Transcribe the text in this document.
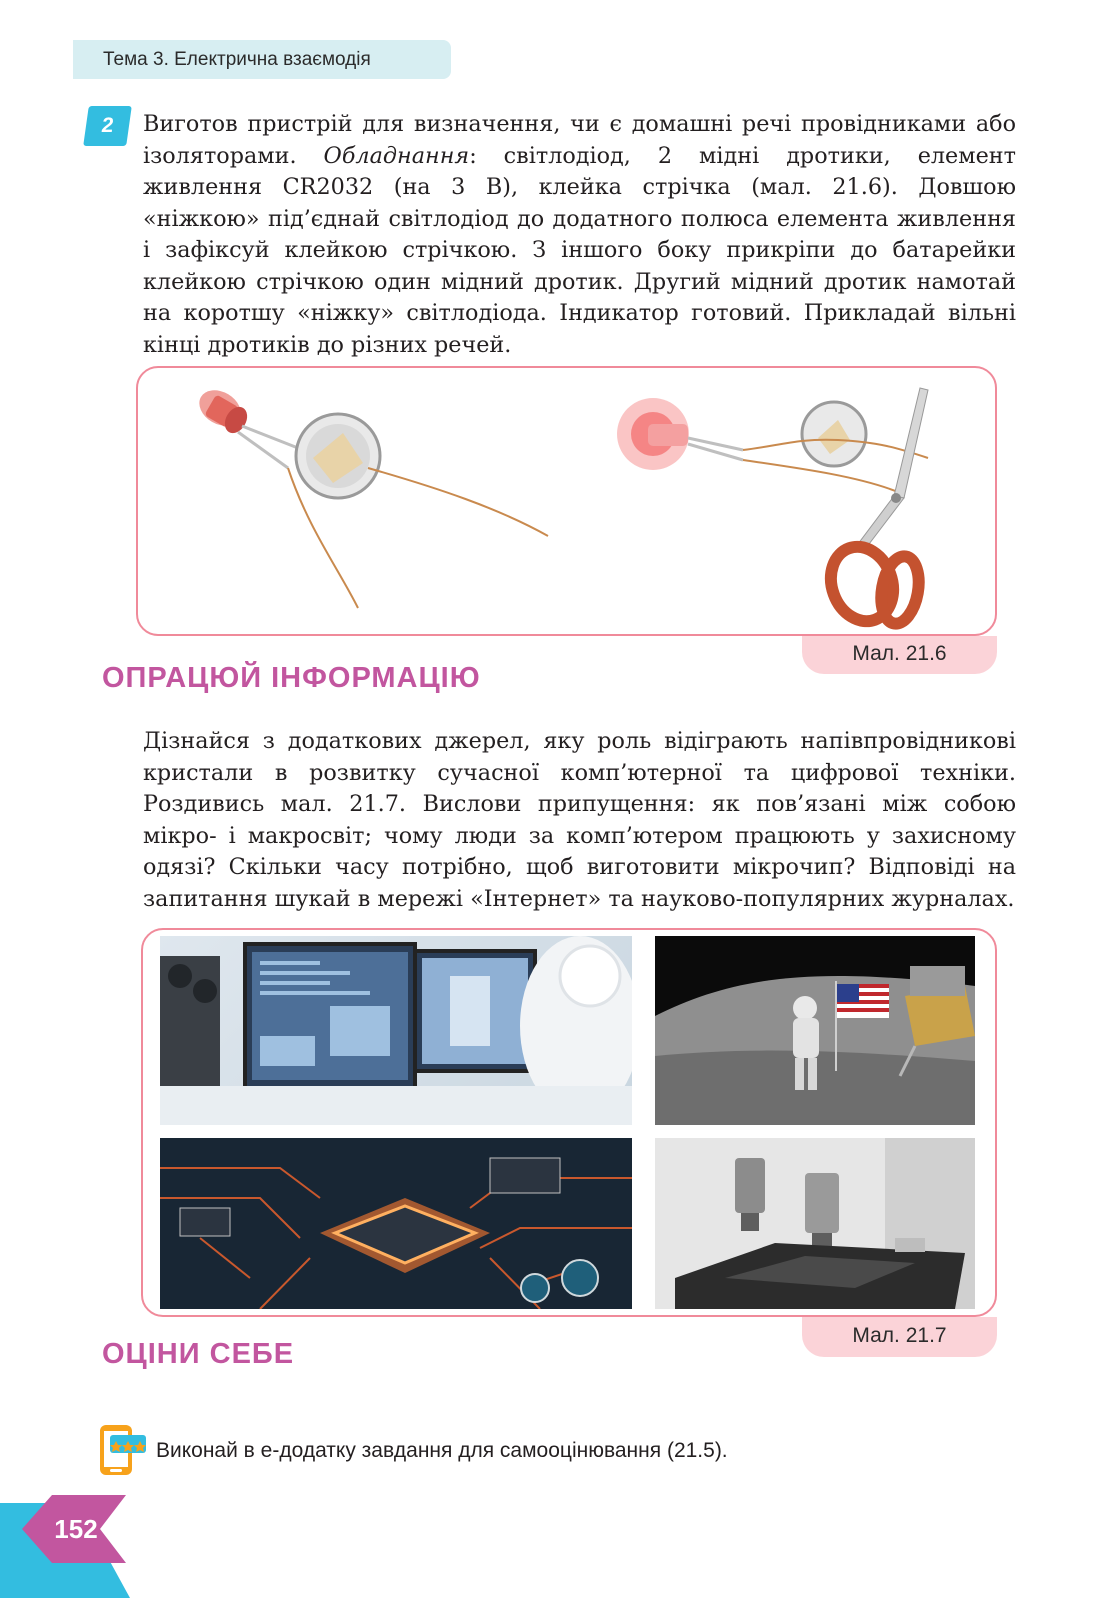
Тема 3. Електрична взаємодія
2	Виготов пристрій для визначення, чи є домашні речі провідниками або ізоляторами. Обладнання: світлодіод, 2 мідні дротики, елемент живлення CR2032 (на 3 В), клейка стрічка (мал. 21.6). Довшою «ніжкою» під’єднай світлодіод до додатного полюса елемента живлення і зафіксуй клейкою стрічкою. З іншого боку прикріпи до батарейки клейкою стрічкою один мідний дротик. Другий мідний дротик намотай на коротшу «ніжку» світлодіода. Індикатор готовий. Прикладай вільні кінці дротиків до різних речей.

Мал. 21.6
ОПРАЦЮЙ ІНФОРМАЦІЮ

Дізнайся з додаткових джерел, яку роль відіграють напівпровідникові кристали в розвитку сучасної комп’ютерної та цифрової техніки. Роздивись мал. 21.7. Вислови припущення: як пов’язані між собою мікро- і макросвіт; чому люди за комп’ютером працюють у захисному одязі? Скільки часу потрібно, щоб виготовити мікрочип? Відповіді на запитання шукай в мережі «Інтернет» та науково-популярних журналах.

Мал. 21.7
ОЦІНИ СЕБЕ
Виконай в е-додатку завдання для самооцінювання (21.5).
152
